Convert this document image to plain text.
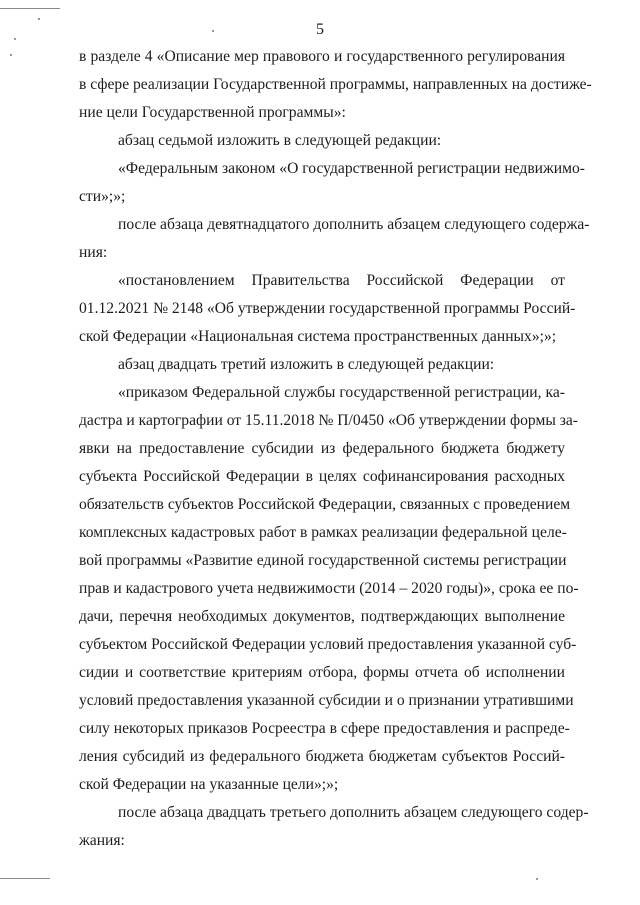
5
в разделе 4 «Описание мер правового и государственного регулирования
в сфере реализации Государственной программы, направленных на достиже-
ние цели Государственной программы»:
абзац седьмой изложить в следующей редакции:
«Федеральным законом «О государственной регистрации недвижимо-
сти»;»;
после абзаца девятнадцатого дополнить абзацем следующего содержа-
ния:
«постановлением Правительства Российской Федерации от
01.12.2021 № 2148 «Об утверждении государственной программы Россий-
ской Федерации «Национальная система пространственных данных»;»;
абзац двадцать третий изложить в следующей редакции:
«приказом Федеральной службы государственной регистрации, ка-
дастра и картографии от 15.11.2018 № П/0450 «Об утверждении формы за-
явки на предоставление субсидии из федерального бюджета бюджету
субъекта Российской Федерации в целях софинансирования расходных
обязательств субъектов Российской Федерации, связанных с проведением
комплексных кадастровых работ в рамках реализации федеральной целе-
вой программы «Развитие единой государственной системы регистрации
прав и кадастрового учета недвижимости (2014 – 2020 годы)», срока ее по-
дачи, перечня необходимых документов, подтверждающих выполнение
субъектом Российской Федерации условий предоставления указанной суб-
сидии и соответствие критериям отбора, формы отчета об исполнении
условий предоставления указанной субсидии и о признании утратившими
силу некоторых приказов Росреестра в сфере предоставления и распреде-
ления субсидий из федерального бюджета бюджетам субъектов Россий-
ской Федерации на указанные цели»;»;
после абзаца двадцать третьего дополнить абзацем следующего содер-
жания:
